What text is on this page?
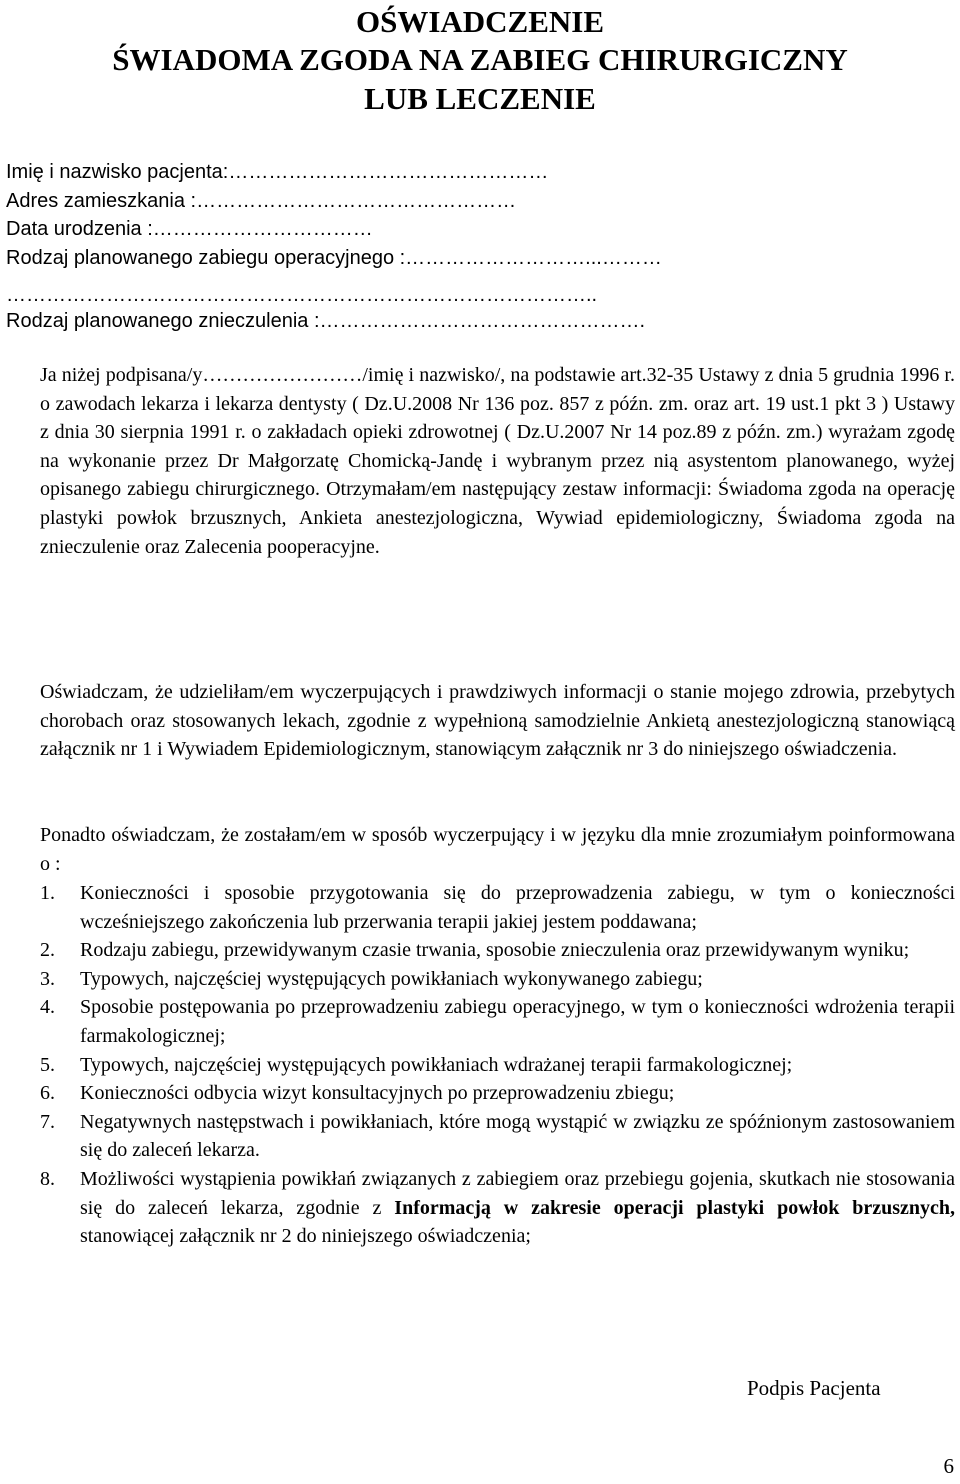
OŚWIADCZENIE
ŚWIADOMA ZGODA NA ZABIEG CHIRURGICZNY
LUB LECZENIE
Imię i nazwisko pacjenta:…………………………………………
Adres zamieszkania :…………………………………………
Data urodzenia :……………………………
Rodzaj planowanego zabiegu operacyjnego :………………………...………
……………………………………………………………………………..
Rodzaj planowanego znieczulenia :………………………………………….

Ja niżej podpisana/y……………………/imię i nazwisko/, na podstawie art.32-35 Ustawy z dnia 5 grudnia 1996 r. o zawodach lekarza i lekarza dentysty ( Dz.U.2008 Nr 136 poz. 857 z późn. zm. oraz art. 19 ust.1 pkt 3 ) Ustawy z dnia 30 sierpnia 1991 r. o zakładach opieki zdrowotnej ( Dz.U.2007 Nr 14 poz.89 z późn. zm.) wyrażam zgodę na wykonanie przez Dr Małgorzatę Chomicką-Jandę i wybranym przez nią asystentom planowanego, wyżej opisanego zabiegu chirurgicznego. Otrzymałam/em następujący zestaw informacji: Świadoma zgoda na operację plastyki powłok brzusznych, Ankieta anestezjologiczna, Wywiad epidemiologiczny, Świadoma zgoda na znieczulenie oraz Zalecenia pooperacyjne.

Oświadczam, że udzieliłam/em wyczerpujących i prawdziwych informacji o stanie mojego zdrowia, przebytych chorobach oraz stosowanych lekach, zgodnie z wypełnioną samodzielnie Ankietą anestezjologiczną stanowiącą załącznik nr 1 i Wywiadem Epidemiologicznym, stanowiącym załącznik nr 3 do niniejszego oświadczenia.

Ponadto oświadczam, że zostałam/em w sposób wyczerpujący i w języku dla mnie zrozumiałym poinformowana o :

1. Konieczności i sposobie przygotowania się do przeprowadzenia zabiegu, w tym o konieczności wcześniejszego zakończenia lub przerwania terapii jakiej jestem poddawana;
2. Rodzaju zabiegu, przewidywanym czasie trwania, sposobie znieczulenia oraz przewidywanym wyniku;
3. Typowych, najczęściej występujących powikłaniach wykonywanego zabiegu;
4. Sposobie postępowania po przeprowadzeniu zabiegu operacyjnego, w tym o konieczności wdrożenia terapii farmakologicznej;
5. Typowych, najczęściej występujących powikłaniach wdrażanej terapii farmakologicznej;
6. Konieczności odbycia wizyt konsultacyjnych po przeprowadzeniu zbiegu;
7. Negatywnych następstwach i powikłaniach, które mogą wystąpić w związku ze spóźnionym zastosowaniem się do zaleceń lekarza.
8. Możliwości wystąpienia powikłań związanych z zabiegiem oraz przebiegu gojenia, skutkach nie stosowania się do zaleceń lekarza, zgodnie z Informacją w zakresie operacji plastyki powłok brzusznych, stanowiącej załącznik nr 2 do niniejszego oświadczenia;
Podpis Pacjenta
6
